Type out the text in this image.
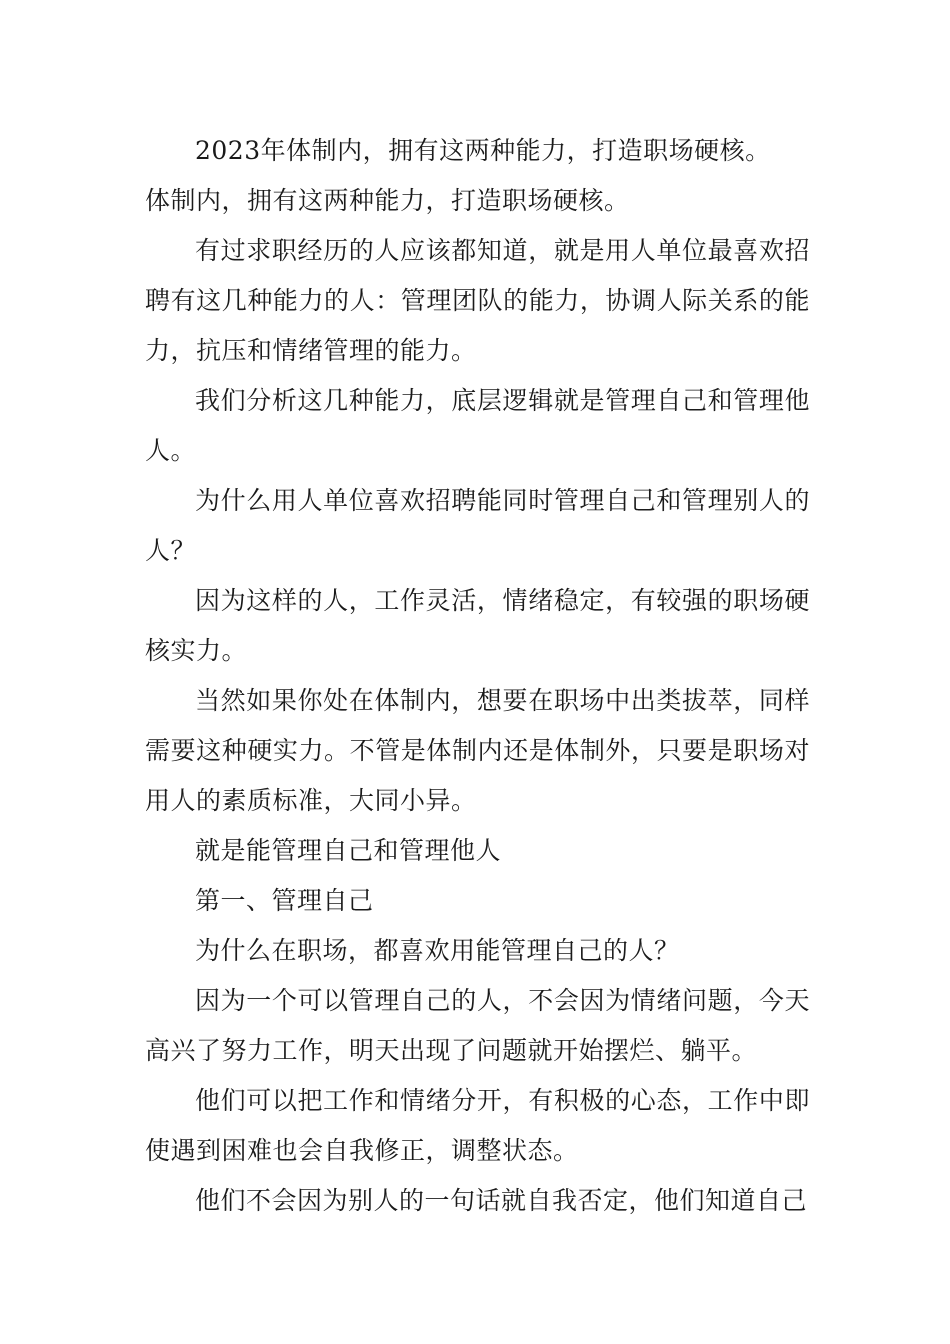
2023年体制内，拥有这两种能力，打造职场硬核。

体制内，拥有这两种能力，打造职场硬核。

有过求职经历的人应该都知道，就是用人单位最喜欢招聘有这几种能力的人：管理团队的能力，协调人际关系的能力，抗压和情绪管理的能力。

我们分析这几种能力，底层逻辑就是管理自己和管理他人。

为什么用人单位喜欢招聘能同时管理自己和管理别人的人？

因为这样的人，工作灵活，情绪稳定，有较强的职场硬核实力。

当然如果你处在体制内，想要在职场中出类拔萃，同样需要这种硬实力。不管是体制内还是体制外，只要是职场对用人的素质标准，大同小异。

就是能管理自己和管理他人

第一、管理自己

为什么在职场，都喜欢用能管理自己的人？

因为一个可以管理自己的人，不会因为情绪问题，今天高兴了努力工作，明天出现了问题就开始摆烂、躺平。

他们可以把工作和情绪分开，有积极的心态，工作中即使遇到困难也会自我修正，调整状态。

他们不会因为别人的一句话就自我否定，他们知道自己
